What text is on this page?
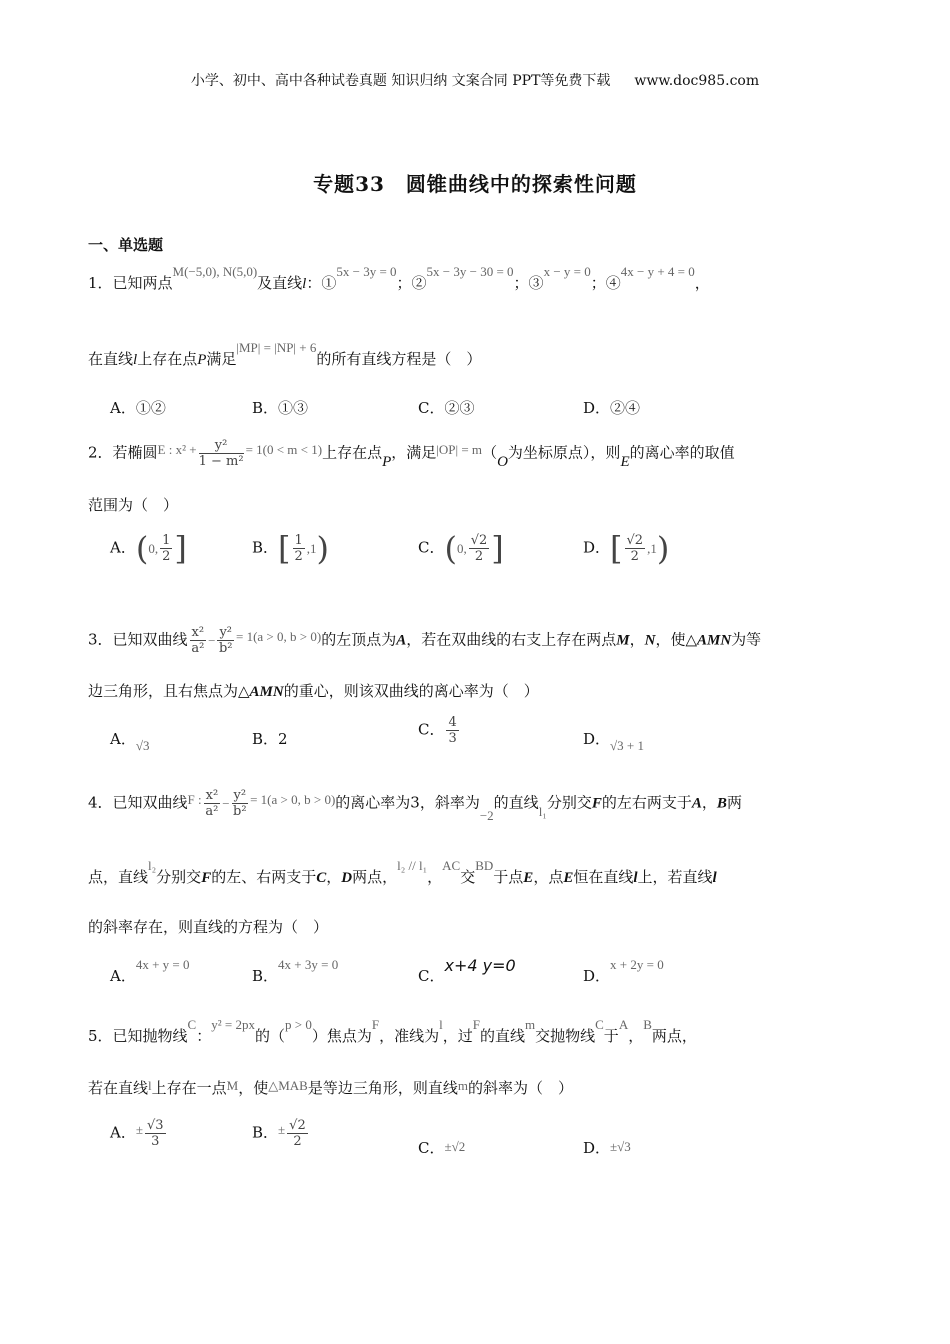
小学、初中、高中各种试卷真题 知识归纳 文案合同 PPT等免费下载 www.doc985.com
专题33　圆锥曲线中的探索性问题
一、单选题
1．已知两点M(−5,0), N(5,0)及直线l：①5x − 3y = 0；②5x − 3y − 30 = 0；③x − y = 0；④4x − y + 4 = 0，
在直线l上存在点P满足|MP| = |NP| + 6的所有直线方程是（　）
A．①②	B．①③	C．②③	D．②④
2．若椭圆E : $x^2 + \frac{\text{y²}}{\text{1 − m²}} = 1(0 < m < 1)$上存在点P，满足|OP| = m（O为坐标原点），则E的离心率的取值
范围为（　）
A．(0, $\frac{1}{2}$ ]	B．[ $\frac{1}{2} ,1$)	C．(0, $\frac{√2}{2}$ ]	D．[ $\frac{√2}{2} ,1$)
3．已知双曲线 $\frac{\text{x²}}{\text{a²}} - \frac{\text{y²}}{\text{b²}} = 1(a > 0$, b > 0)的左顶点为A，若在双曲线的右支上存在两点M，N，使△AMN为等
边三角形，且右焦点为△AMN的重心，则该双曲线的离心率为（　）
A．√3	B．2
C． $\frac{4}{3}$	D．√3 + 1
4．已知双曲线F : $\frac{\text{x²}}{\text{a²}} - \frac{\text{y²}}{\text{b²}} = 1(a > 0$, b > 0)的离心率为3，斜率为−2的直线l₁分别交F的左右两支于A，B两
点，直线l₂分别交F的左、右两支于C，D两点，l₂ // l₁，AC交BD于点E，点E恒在直线l上，若直线l
的斜率存在，则直线的方程为（　）
A．4x + y = 0
B．4x + 3y = 0
C．x+4 y=0
D．x + 2y = 0
5．已知抛物线C：y² = 2px的（p > 0）焦点为F，准线为l，过F的直线m交抛物线C于A，B两点，
若在直线l上存在一点M，使△MAB是等边三角形，则直线m的斜率为（　）
A．± $\frac{√3}{3}$	B．± $\frac{√2}{2}$	C．±√2	D．±√3
